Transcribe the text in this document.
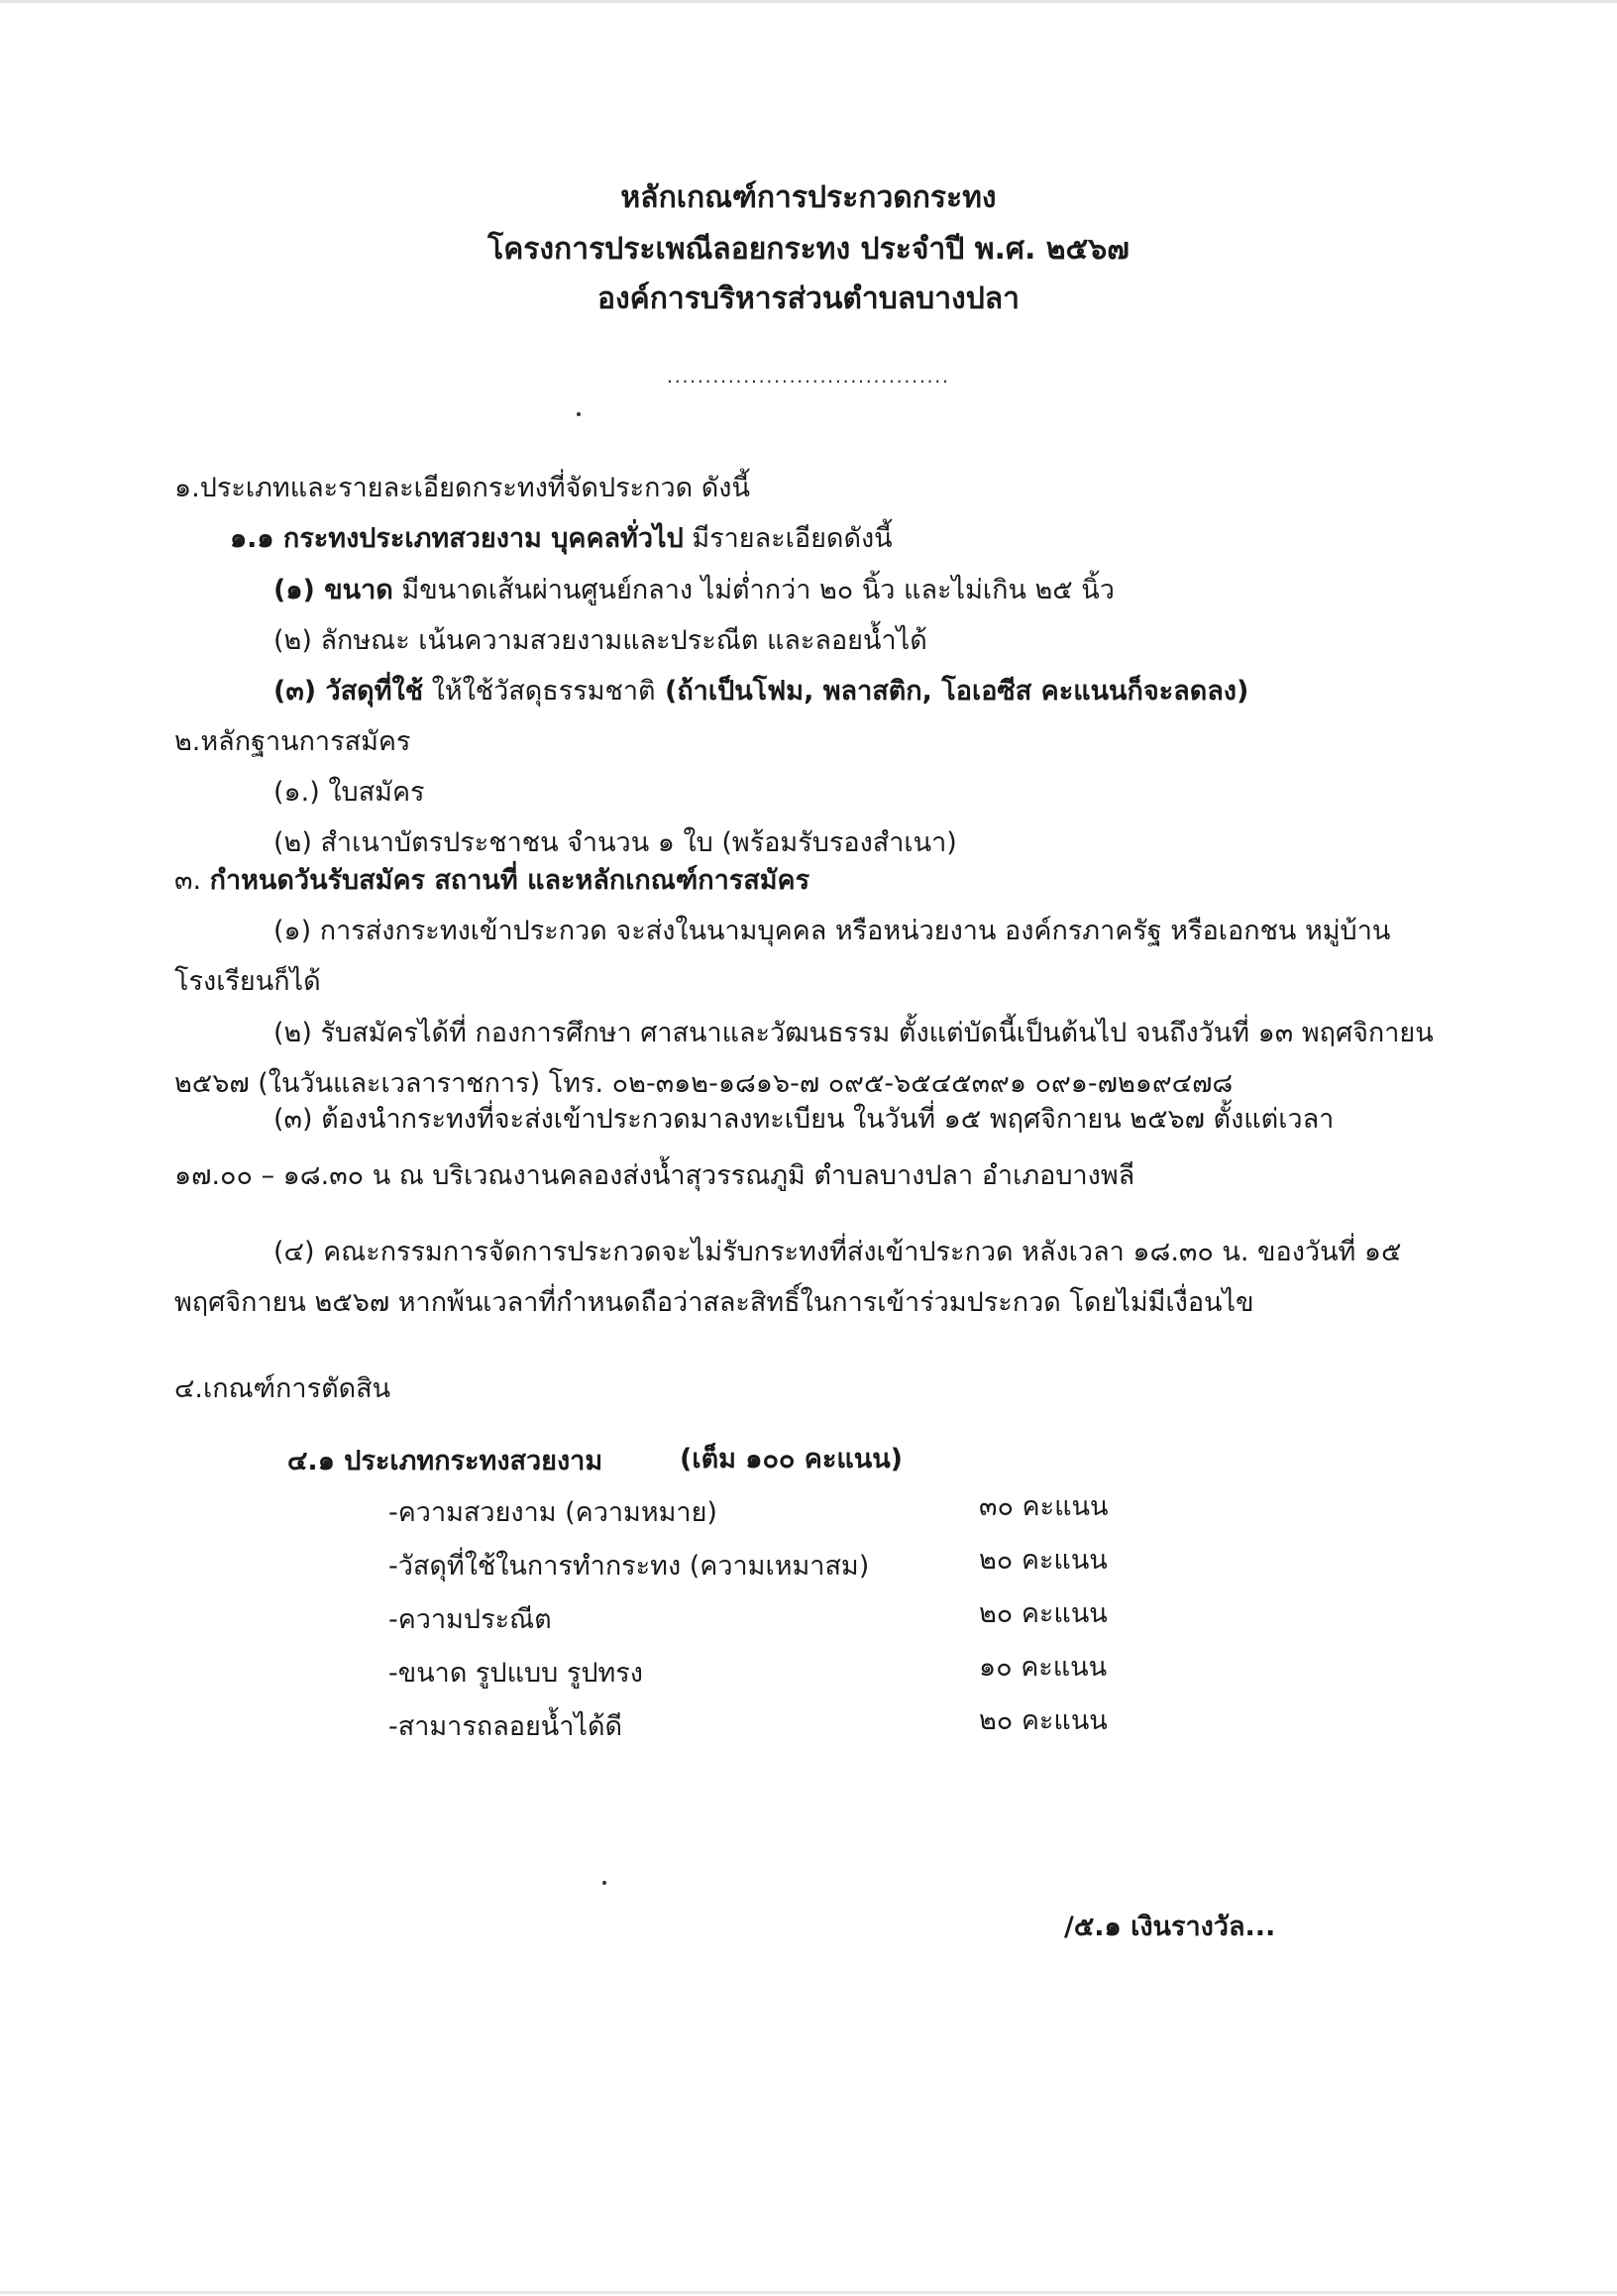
หลักเกณฑ์การประกวดกระทง
โครงการประเพณีลอยกระทง ประจำปี พ.ศ. ๒๕๖๗
องค์การบริหารส่วนตำบลบางปลา
.....................................
๑.ประเภทและรายละเอียดกระทงที่จัดประกวด ดังนี้
๑.๑ กระทงประเภทสวยงาม บุคคลทั่วไป มีรายละเอียดดังนี้
(๑) ขนาด มีขนาดเส้นผ่านศูนย์กลาง ไม่ต่ำกว่า ๒๐ นิ้ว และไม่เกิน ๒๕ นิ้ว
(๒) ลักษณะ เน้นความสวยงามและประณีต และลอยน้ำได้
(๓) วัสดุที่ใช้ ให้ใช้วัสดุธรรมชาติ (ถ้าเป็นโฟม, พลาสติก, โอเอซีส คะแนนก็จะลดลง)
๒.หลักฐานการสมัคร
(๑.) ใบสมัคร
(๒) สำเนาบัตรประชาชน จำนวน ๑ ใบ (พร้อมรับรองสำเนา)
๓. กำหนดวันรับสมัคร สถานที่ และหลักเกณฑ์การสมัคร
(๑) การส่งกระทงเข้าประกวด จะส่งในนามบุคคล หรือหน่วยงาน องค์กรภาครัฐ หรือเอกชน หมู่บ้าน
โรงเรียนก็ได้
(๒) รับสมัครได้ที่ กองการศึกษา ศาสนาและวัฒนธรรม ตั้งแต่บัดนี้เป็นต้นไป จนถึงวันที่ ๑๓ พฤศจิกายน
๒๕๖๗ (ในวันและเวลาราชการ) โทร. ๐๒-๓๑๒-๑๘๑๖-๗ ๐๙๕-๖๕๔๕๓๙๑ ๐๙๑-๗๒๑๙๔๗๘
(๓) ต้องนำกระทงที่จะส่งเข้าประกวดมาลงทะเบียน ในวันที่ ๑๕ พฤศจิกายน ๒๕๖๗ ตั้งแต่เวลา
๑๗.๐๐ – ๑๘.๓๐ น ณ บริเวณงานคลองส่งน้ำสุวรรณภูมิ ตำบลบางปลา อำเภอบางพลี
(๔) คณะกรรมการจัดการประกวดจะไม่รับกระทงที่ส่งเข้าประกวด หลังเวลา ๑๘.๓๐ น. ของวันที่ ๑๕
พฤศจิกายน ๒๕๖๗ หากพ้นเวลาที่กำหนดถือว่าสละสิทธิ์ในการเข้าร่วมประกวด โดยไม่มีเงื่อนไข
๔.เกณฑ์การตัดสิน
๔.๑ ประเภทกระทงสวยงาม	(เต็ม ๑๐๐ คะแนน)
-ความสวยงาม (ความหมาย)	๓๐ คะแนน
-วัสดุที่ใช้ในการทำกระทง (ความเหมาสม)	๒๐ คะแนน
-ความประณีต	๒๐ คะแนน
-ขนาด รูปแบบ รูปทรง	๑๐ คะแนน
-สามารถลอยน้ำได้ดี	๒๐ คะแนน
/๕.๑ เงินรางวัล...
